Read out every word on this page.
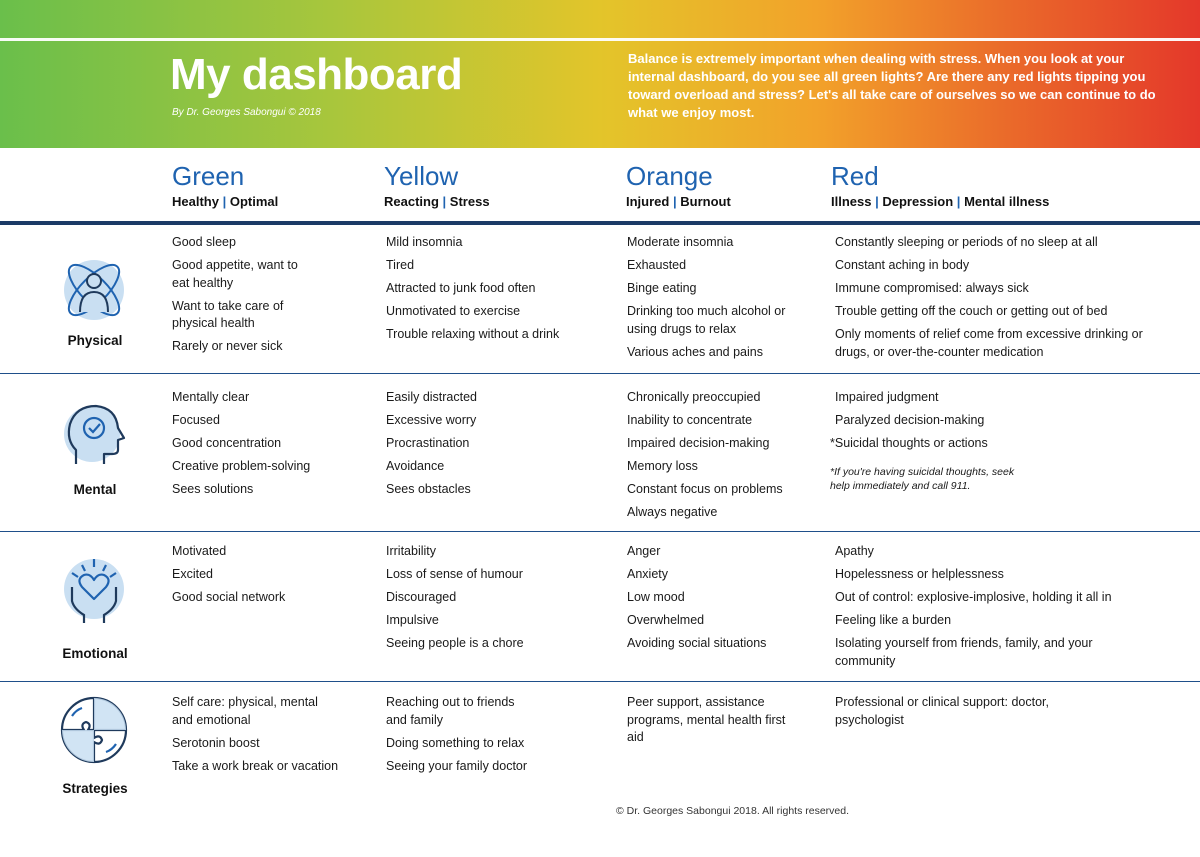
My dashboard
By Dr. Georges Sabongui © 2018
Balance is extremely important when dealing with stress. When you look at your internal dashboard, do you see all green lights? Are there any red lights tipping you toward overload and stress? Let's all take care of ourselves so we can continue to do what we enjoy most.
Green
Healthy | Optimal
Yellow
Reacting | Stress
Orange
Injured | Burnout
Red
Illness | Depression | Mental illness
Physical
Good sleep
Good appetite, want to eat healthy
Want to take care of physical health
Rarely or never sick
Mild insomnia
Tired
Attracted to junk food often
Unmotivated to exercise
Trouble relaxing without a drink
Moderate insomnia
Exhausted
Binge eating
Drinking too much alcohol or using drugs to relax
Various aches and pains
Constantly sleeping or periods of no sleep at all
Constant aching in body
Immune compromised: always sick
Trouble getting off the couch or getting out of bed
Only moments of relief come from excessive drinking or drugs, or over-the-counter medication
Mental
Mentally clear
Focused
Good concentration
Creative problem-solving
Sees solutions
Easily distracted
Excessive worry
Procrastination
Avoidance
Sees obstacles
Chronically preoccupied
Inability to concentrate
Impaired decision-making
Memory loss
Constant focus on problems
Always negative
Impaired judgment
Paralyzed decision-making
*Suicidal thoughts or actions
*If you're having suicidal thoughts, seek help immediately and call 911.
Emotional
Motivated
Excited
Good social network
Irritability
Loss of sense of humour
Discouraged
Impulsive
Seeing people is a chore
Anger
Anxiety
Low mood
Overwhelmed
Avoiding social situations
Apathy
Hopelessness or helplessness
Out of control: explosive-implosive, holding it all in
Feeling like a burden
Isolating yourself from friends, family, and your community
Strategies
Self care: physical, mental and emotional
Serotonin boost
Take a work break or vacation
Reaching out to friends and family
Doing something to relax
Seeing your family doctor
Peer support, assistance programs, mental health first aid
Professional or clinical support: doctor, psychologist
© Dr. Georges Sabongui 2018. All rights reserved.
